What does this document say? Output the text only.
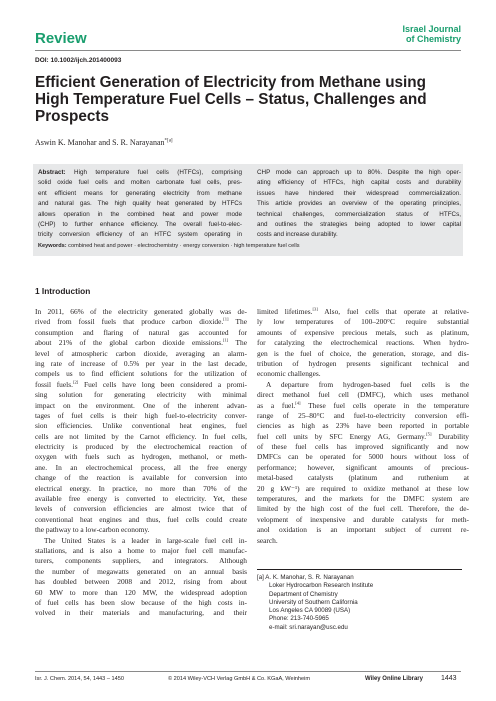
Review
Israel Journal
of Chemistry
DOI: 10.1002/ijch.201400093
Efficient Generation of Electricity from Methane using
High Temperature Fuel Cells – Status, Challenges and
Prospects
Aswin K. Manohar and S. R. Narayanan$^{*[a]}$
Abstract: High temperature fuel cells (HTFCs), comprising
solid oxide fuel cells and molten carbonate fuel cells, pres-
ent efficient means for generating electricity from methane
and natural gas. The high quality heat generated by HTFCs
allows operation in the combined heat and power mode
(CHP) to further enhance efficiency. The overall fuel-to-elec-
tricity conversion efficiency of an HTFC system operating in
CHP mode can approach up to 80%. Despite the high oper-
ating efficiency of HTFCs, high capital costs and durability
issues have hindered their widespread commercialization.
This article provides an overview of the operating principles,
technical challenges, commercialization status of HTFCs,
and outlines the strategies being adopted to lower capital
costs and increase durability.
Keywords: combined heat and power · electrochemistry · energy conversion · high temperature fuel cells
1 Introduction
In 2011, 66% of the electricity generated globally was de-
rived from fossil fuels that produce carbon dioxide.[1] The
consumption and flaring of natural gas accounted for
about 21% of the global carbon dioxide emissions.[1] The
level of atmospheric carbon dioxide, averaging an alarm-
ing rate of increase of 0.5% per year in the last decade,
compels us to find efficient solutions for the utilization of
fossil fuels.[2] Fuel cells have long been considered a promi-
sing solution for generating electricity with minimal
impact on the environment. One of the inherent advan-
tages of fuel cells is their high fuel-to-electricity conver-
sion efficiencies. Unlike conventional heat engines, fuel
cells are not limited by the Carnot efficiency. In fuel cells,
electricity is produced by the electrochemical reaction of
oxygen with fuels such as hydrogen, methanol, or meth-
ane. In an electrochemical process, all the free energy
change of the reaction is available for conversion into
electrical energy. In practice, no more than 70% of the
available free energy is converted to electricity. Yet, these
levels of conversion efficiencies are almost twice that of
conventional heat engines and thus, fuel cells could create
the pathway to a low-carbon economy.
The United States is a leader in large-scale fuel cell in-
stallations, and is also a home to major fuel cell manufac-
turers, components suppliers, and integrators. Although
the number of megawatts generated on an annual basis
has doubled between 2008 and 2012, rising from about
60 MW to more than 120 MW, the widespread adoption
of fuel cells has been slow because of the high costs in-
volved in their materials and manufacturing, and their
limited lifetimes.[3] Also, fuel cells that operate at relative-
ly low temperatures of 100–200°C require substantial
amounts of expensive precious metals, such as platinum,
for catalyzing the electrochemical reactions. When hydro-
gen is the fuel of choice, the generation, storage, and dis-
tribution of hydrogen presents significant technical and
economic challenges.
A departure from hydrogen-based fuel cells is the
direct methanol fuel cell (DMFC), which uses methanol
as a fuel.[4] These fuel cells operate in the temperature
range of 25–80°C and fuel-to-electricity conversion effi-
ciencies as high as 23% have been reported in portable
fuel cell units by SFC Energy AG, Germany.[5] Durability
of these fuel cells has improved significantly and now
DMFCs can be operated for 5000 hours without loss of
performance; however, significant amounts of precious-
metal-based catalysts (platinum and ruthenium at
20 g kW⁻¹) are required to oxidize methanol at these low
temperatures, and the markets for the DMFC system are
limited by the high cost of the fuel cell. Therefore, the de-
velopment of inexpensive and durable catalysts for meth-
anol oxidation is an important subject of current re-
search.
[a] A. K. Manohar, S. R. Narayanan
Loker Hydrocarbon Research Institute
Department of Chemistry
University of Southern California
Los Angeles CA 90089 (USA)
Phone: 213-740-5965
e-mail: sri.narayan@usc.edu
Isr. J. Chem. 2014, 54, 1443 – 1450	© 2014 Wiley-VCH Verlag GmbH & Co. KGaA, Weinheim	Wiley Online Library	1443
